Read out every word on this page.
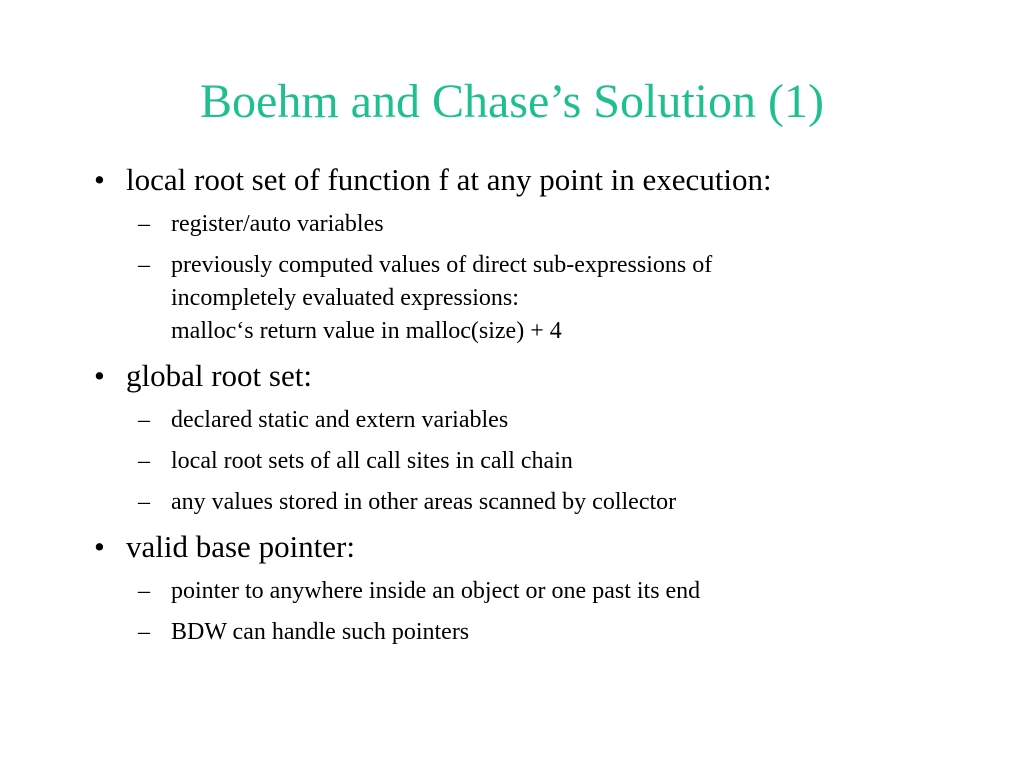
Boehm and Chase’s Solution (1)
• local root set of function f at any point in execution:
– register/auto variables
– previously computed values of direct sub-expressions of
incompletely evaluated expressions:
malloc‘s return value in malloc(size) + 4
• global root set:
– declared static and extern variables
– local root sets of all call sites in call chain
– any values stored in other areas scanned by collector
• valid base pointer:
– pointer to anywhere inside an object or one past its end
– BDW can handle such pointers
